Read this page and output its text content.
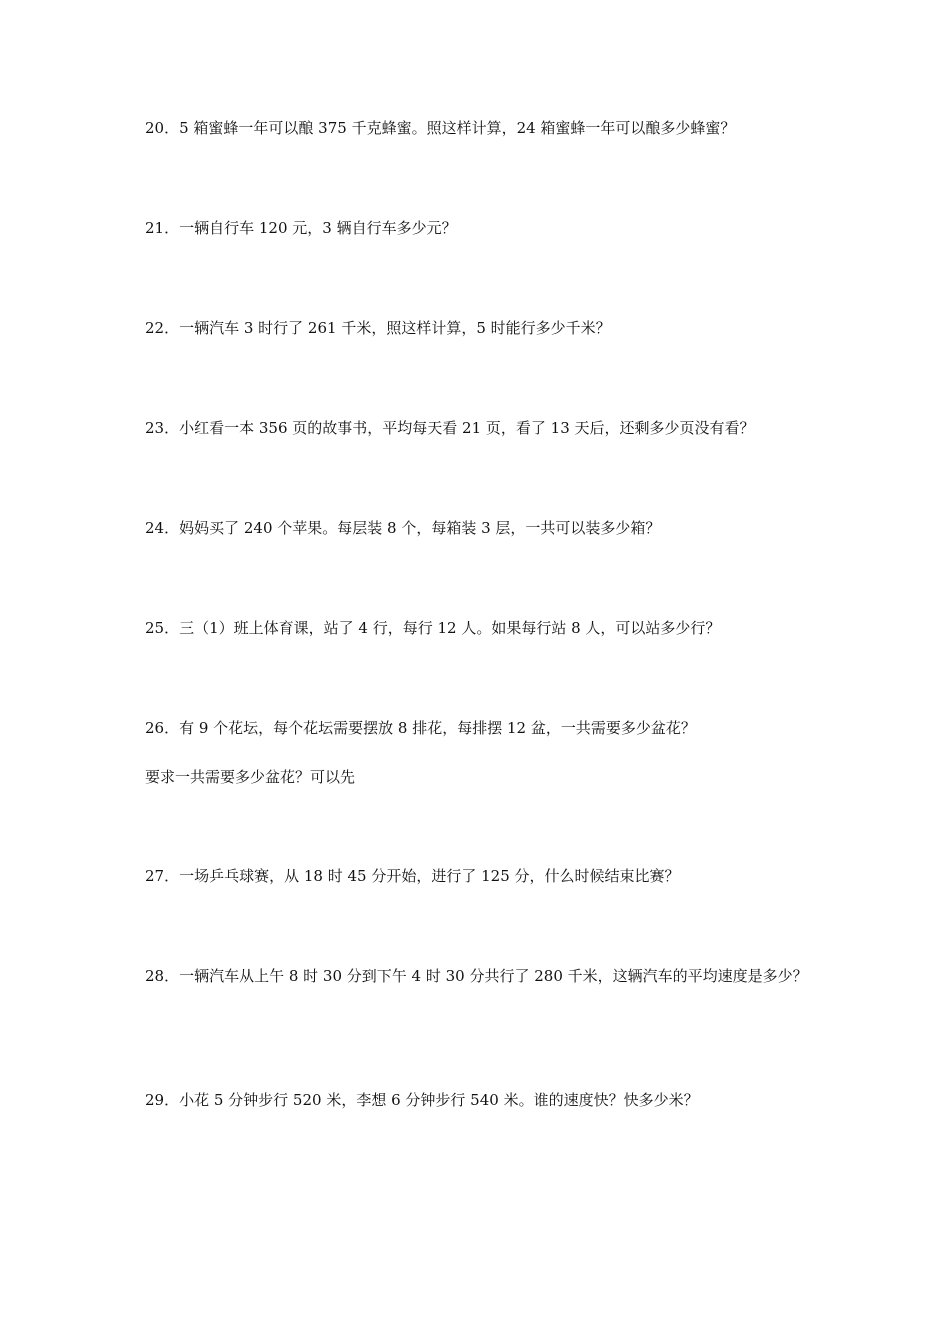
20．5 箱蜜蜂一年可以酿 375 千克蜂蜜。照这样计算，24 箱蜜蜂一年可以酿多少蜂蜜？

21．一辆自行车 120 元，3 辆自行车多少元？

22．一辆汽车 3 时行了 261 千米，照这样计算，5 时能行多少千米？

23．小红看一本 356 页的故事书，平均每天看 21 页，看了 13 天后，还剩多少页没有看？

24．妈妈买了 240 个苹果。每层装 8 个，每箱装 3 层，一共可以装多少箱？

25．三（1）班上体育课，站了 4 行，每行 12 人。如果每行站 8 人，可以站多少行？

26．有 9 个花坛，每个花坛需要摆放 8 排花，每排摆 12 盆，一共需要多少盆花？

要求一共需要多少盆花？可以先

27．一场乒乓球赛，从 18 时 45 分开始，进行了 125 分，什么时候结束比赛？

28．一辆汽车从上午 8 时 30 分到下午 4 时 30 分共行了 280 千米，这辆汽车的平均速度是多少？

29．小花 5 分钟步行 520 米，李想 6 分钟步行 540 米。谁的速度快？快多少米？
